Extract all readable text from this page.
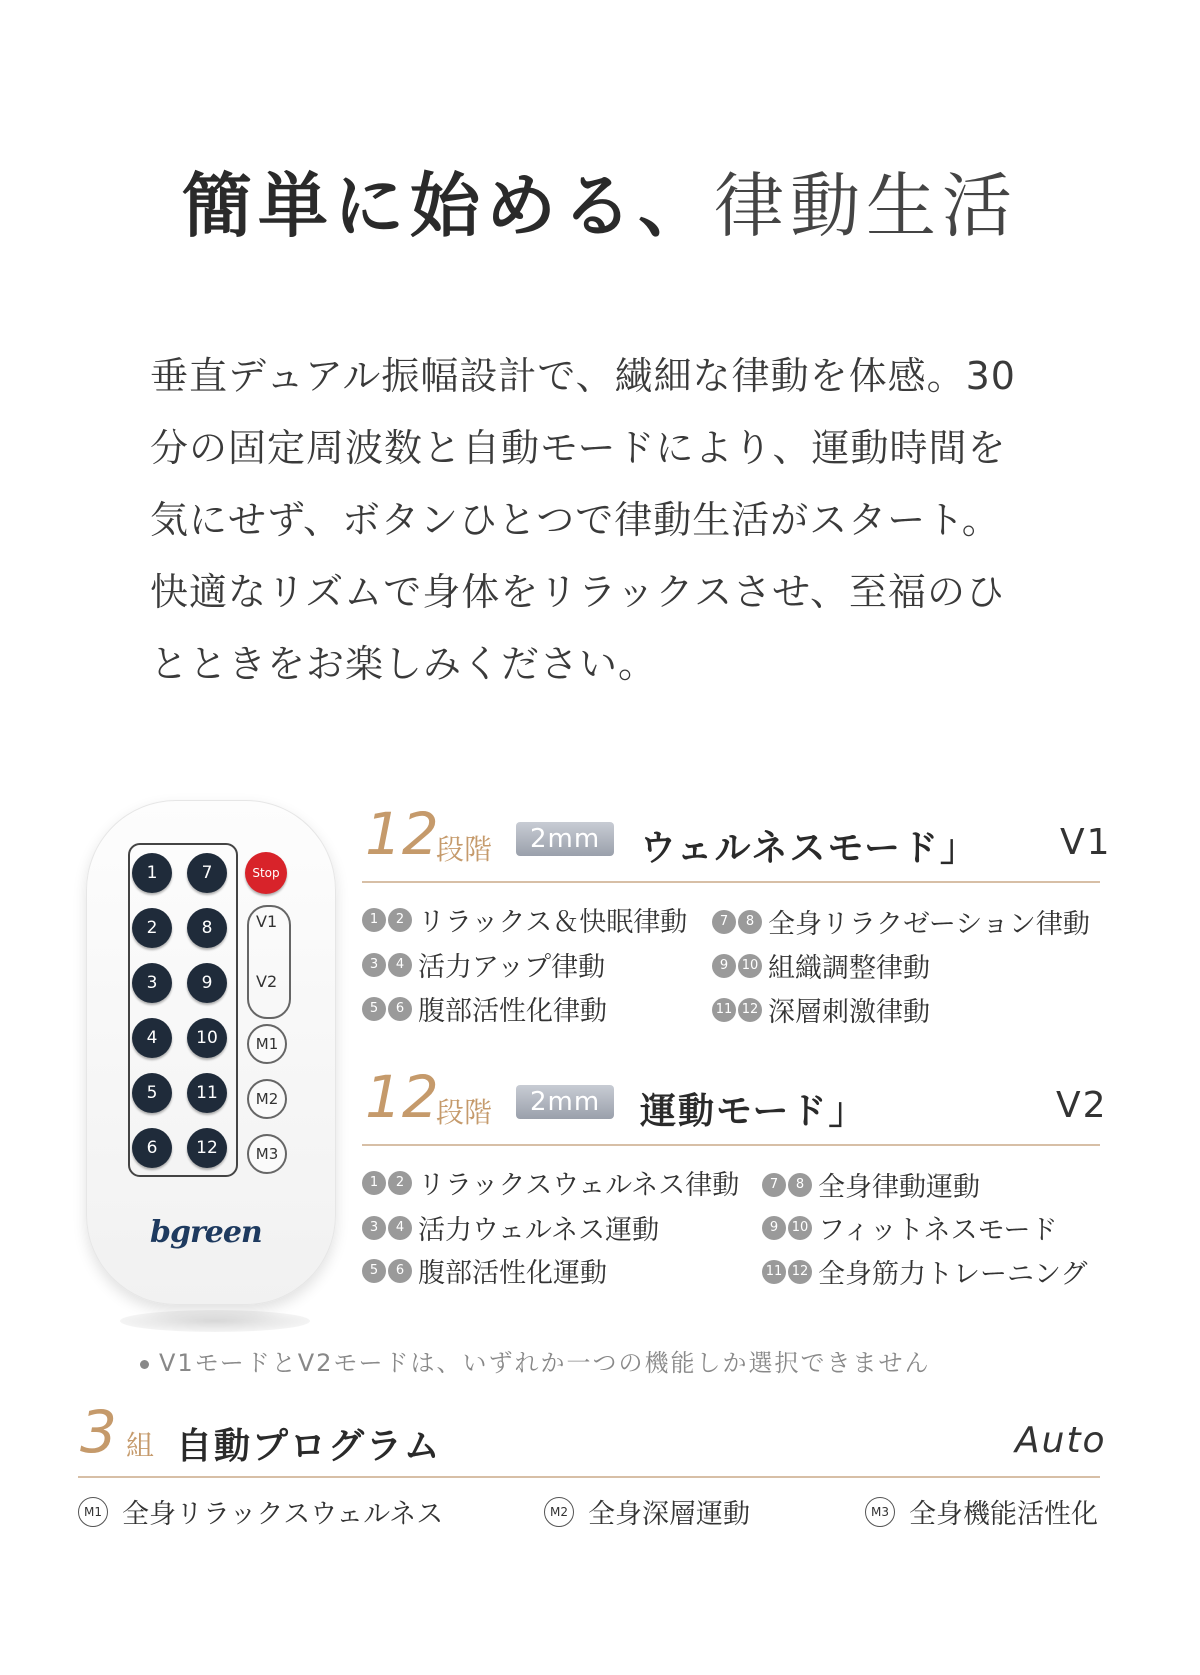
簡単に始める、律動生活
垂直デュアル振幅設計で、繊細な律動を体感。30
分の固定周波数と自動モードにより、運動時間を
気にせず、ボタンひとつで律動生活がスタート。
快適なリズムで身体をリラックスさせ、至福のひ
とときをお楽しみください。
1
2
3
4
5
6
7
8
9
10
11
12
Stop
V1
V2
M1
M2
M3
bgreen
12
段階	2mm	ウェルネスモード」 V1
1	2 リラックス＆快眠律動
3	4 活力アップ律動
5	6 腹部活性化律動
7	8 全身リラクゼーション律動
9	10 組織調整律動
11 12 深層刺激律動
12
段階	2mm	運動モード」	V2
1	2 リラックスウェルネス律動
3	4 活力ウェルネス運動
5	6 腹部活性化運動
7	8 全身律動運動
9	10 フィットネスモード
11 12 全身筋力トレーニング
V1モードとV2モードは、いずれか一つの機能しか選択できません
3 組 自動プログラム	Auto
M1 全身リラックスウェルネス	M2 全身深層運動	M3 全身機能活性化
